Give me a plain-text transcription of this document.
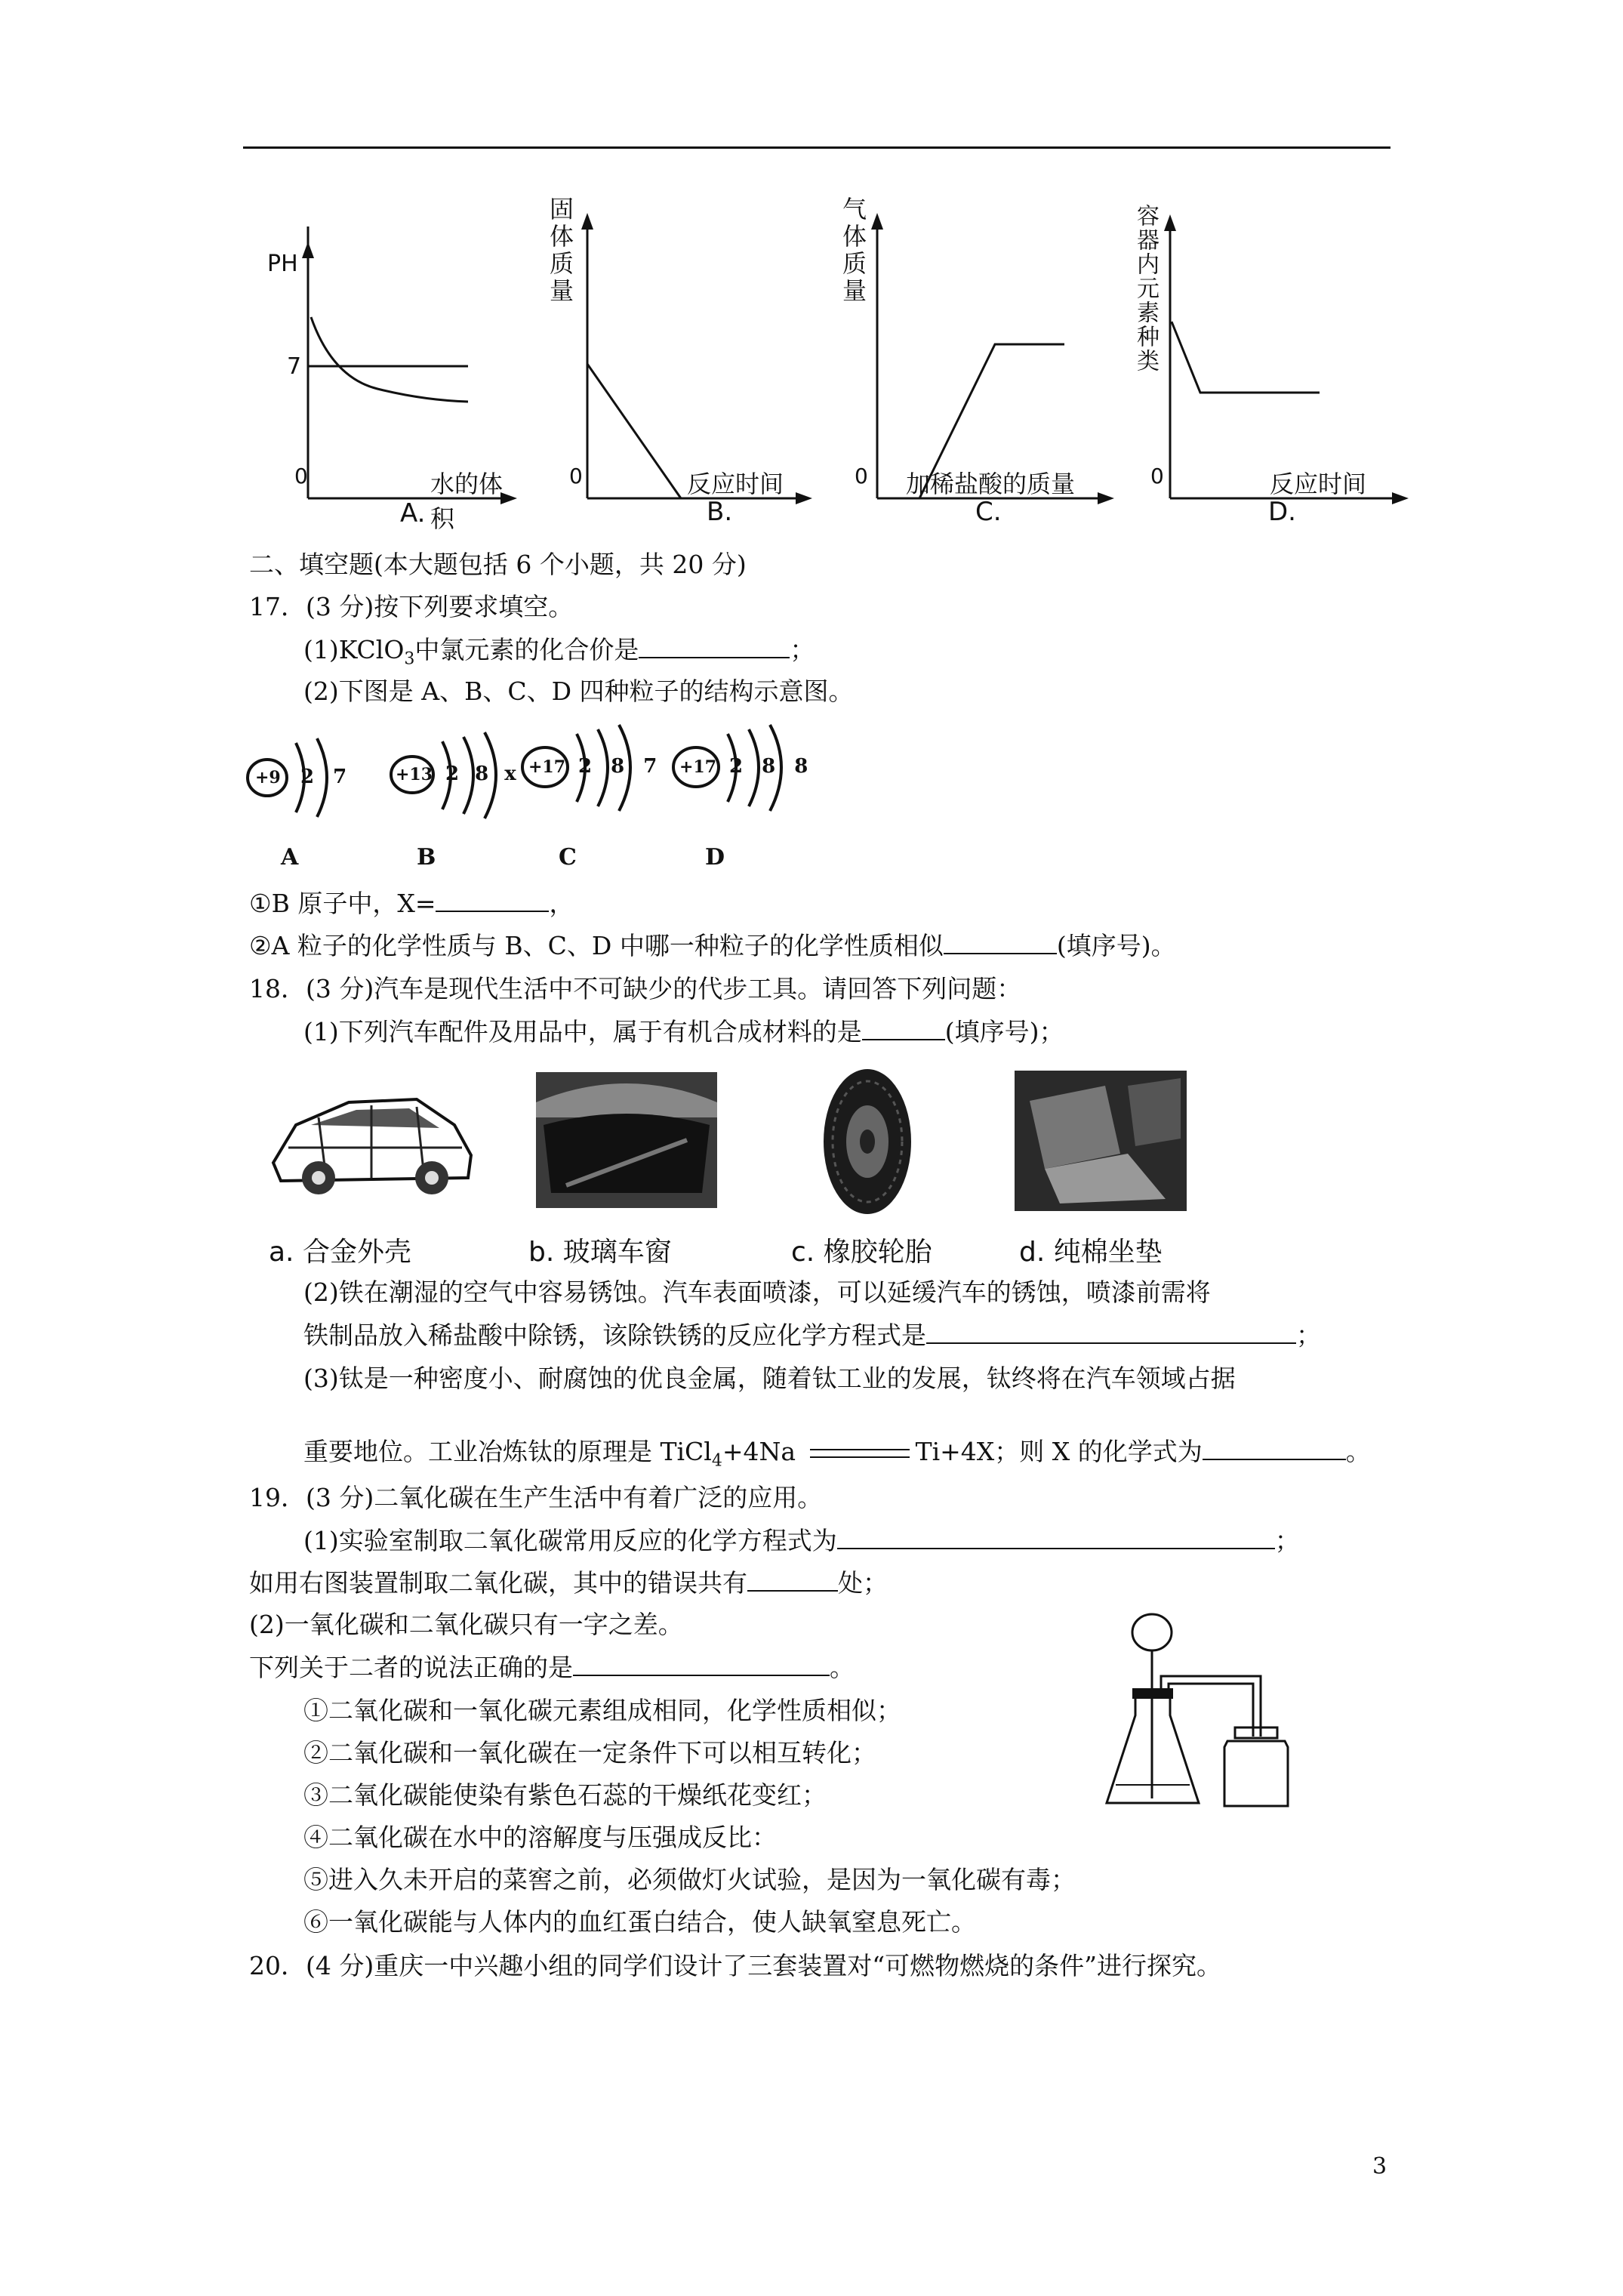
PH
7
0	水的体积
A.
固体质量
0	反应时间
B.
气体质量
0 加稀盐酸的质量
C.
容器内元素种类
0	反应时间
D.
二、填空题(本大题包括 6 个小题，共 20 分)
17．(3 分)按下列要求填空。
(1)KClO$_3$中氯元素的化合价是	；
(2)下图是 A、B、C、D 四种粒子的结构示意图。
+9 2 7
A
+13 2 8 x
B
+17 2 8 7
C
+17 2 8 8
D
①B 原子中，X=	，
②A 粒子的化学性质与 B、C、D 中哪一种粒子的化学性质相似	(填序号)。
18．(3 分)汽车是现代生活中不可缺少的代步工具。请回答下列问题：
(1)下列汽车配件及用品中，属于有机合成材料的是	(填序号)；
a. 合金外壳	b. 玻璃车窗	c. 橡胶轮胎	d. 纯棉坐垫
(2)铁在潮湿的空气中容易锈蚀。汽车表面喷漆，可以延缓汽车的锈蚀，喷漆前需将
铁制品放入稀盐酸中除锈，该除铁锈的反应化学方程式是	；
(3)钛是一种密度小、耐腐蚀的优良金属，随着钛工业的发展，钛终将在汽车领域占据
重要地位。工业冶炼钛的原理是 TiCl$_4$+4Na	Ti+4X；则 X 的化学式为	。
19．(3 分)二氧化碳在生产生活中有着广泛的应用。
(1)实验室制取二氧化碳常用反应的化学方程式为	；
如用右图装置制取二氧化碳，其中的错误共有	处；
(2)一氧化碳和二氧化碳只有一字之差。
下列关于二者的说法正确的是	。
①二氧化碳和一氧化碳元素组成相同，化学性质相似；
②二氧化碳和一氧化碳在一定条件下可以相互转化；
③二氧化碳能使染有紫色石蕊的干燥纸花变红；
④二氧化碳在水中的溶解度与压强成反比：
⑤进入久未开启的菜窖之前，必须做灯火试验，是因为一氧化碳有毒；
⑥一氧化碳能与人体内的血红蛋白结合，使人缺氧窒息死亡。
20．(4 分)重庆一中兴趣小组的同学们设计了三套装置对“可燃物燃烧的条件”进行探究。
3
